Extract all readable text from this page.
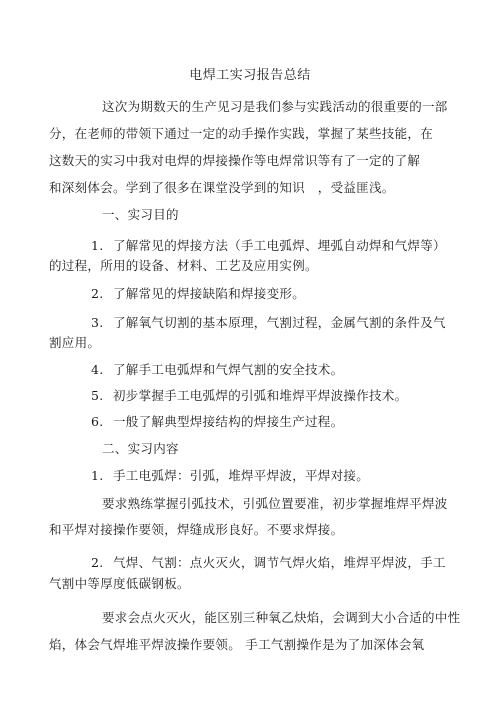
电焊工实习报告总结
这次为期数天的生产见习是我们参与实践活动的很重要的一部
分，在老师的带领下通过一定的动手操作实践，掌握了某些技能，在
这数天的实习中我对电焊的焊接操作等电焊常识等有了一定的了解
和深刻体会。学到了很多在课堂没学到的知识　，受益匪浅。
一、实习目的
1. 了解常见的焊接方法（手工电弧焊、埋弧自动焊和气焊等）
的过程，所用的设备、材料、工艺及应用实例。
2. 了解常见的焊接缺陷和焊接变形。
3. 了解氧气切割的基本原理，气割过程，金属气割的条件及气
割应用。
4. 了解手工电弧焊和气焊气割的安全技术。
5. 初步掌握手工电弧焊的引弧和堆焊平焊波操作技术。
6. 一般了解典型焊接结构的焊接生产过程。
二、实习内容
1. 手工电弧焊：引弧，堆焊平焊波，平焊对接。
要求熟练掌握引弧技术，引弧位置要准，初步掌握堆焊平焊波
和平焊对接操作要领，焊缝成形良好。不要求焊接。
2. 气焊、气割：点火灭火，调节气焊火焰，堆焊平焊波，手工
气割中等厚度低碳钢板。
要求会点火灭火，能区别三种氧乙炔焰，会调到大小合适的中性
焰，体会气焊堆平焊波操作要领。 手工气割操作是为了加深体会氧
